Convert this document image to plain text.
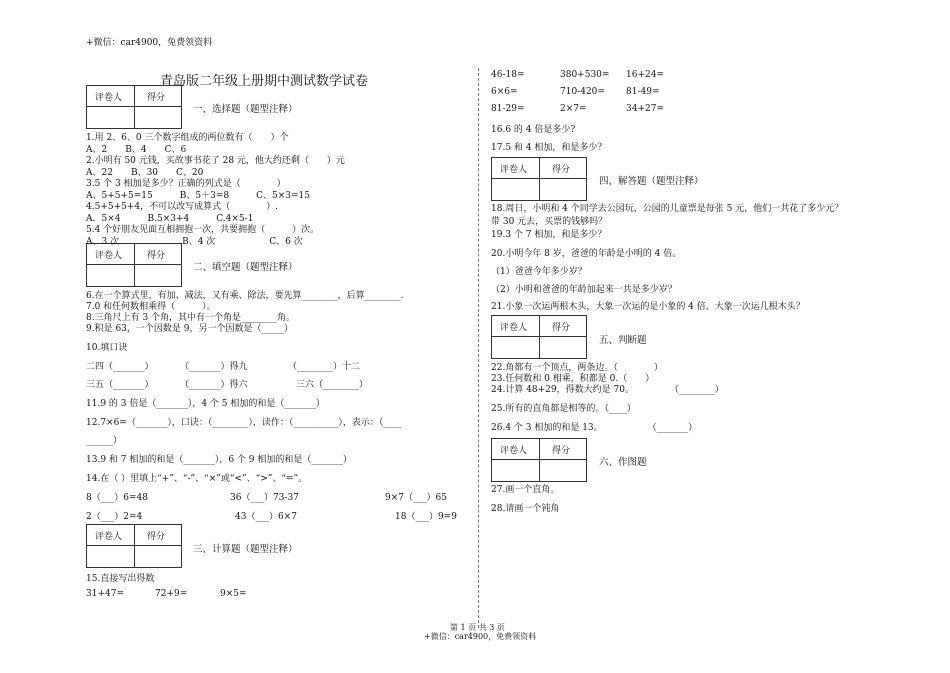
+微信：car4900，免费领资料
青岛版二年级上册期中测试数学试卷
评卷人	得分
评卷人	得分
评卷人	得分
评卷人	得分
评卷人	得分
评卷人	得分
一、选择题（题型注释）
二、填空题（题型注释）
三、计算题（题型注释）
四、解答题（题型注释）
五、判断题
六、作图题
1.用 2、6、0 三个数字组成的两位数有（　　）个
A、2　　B、4　　C、6
2.小明有 50 元钱，买故事书花了 28 元，他大约还剩（　　）元
A、22　　B、30　　C、20
3.5 个 3 相加是多少？正确的列式是（　　　　）
A、5+5+5=15　　　B、5＋3=8　　　C、5×3=15
4.5+5+5+4，不可以改写成算式（　　　　）.
A．5×4　　　B.5×3+4　　　C.4×5-1
5.4 个好朋友见面互相拥抱一次，共要拥抱（　　　）次。
A、3 次　　　　　　　B、4 次　　　　　　C、6 次
6.在一个算式里，有加、减法，又有乘、除法，要先算________，后算________.
7.0 和任何数相乘得（　　　）。
8.三角尺上有 3 个角，其中有一个角是________角。
9.积是 63，一个因数是 9，另一个因数是（_____）
10.填口诀
二四（_______）	（_______）得九	（________）十二
三五（_______）	（_______）得六	三六（________）
11.9 的 3 倍是（_______），4 个 5 相加的和是（_______）
12.7×6=（_______），口诀：（________），读作：（__________），表示：（____
______）
13.9 和 7 相加的和是（_______），6 个 9 相加的和是（_______）
14.在（ ）里填上“+”、“-”、“×”或“<”、“>”、“=”。
8（___）6=48	36（___）73-37	9×7（___）65
2（___）2=4	43（___）6×7	18（___）9=9
15.直接写出得数
31+47=	72+9=	9×5=
46-18=	380+530= 16+24=
6×6=	710-420= 81-49=
81-29=	2×7=	34+27=
16.6 的 4 倍是多少?
17.5 和 4 相加，和是多少？
18.周日，小明和 4 个同学去公园玩，公园的儿童票是每张 5 元，他们一共花了多少元？
带 30 元去，买票的钱够吗？
19.3 个 7 相加，和是多少？
20.小明今年 8 岁，爸爸的年龄是小明的 4 倍。
（1）爸爸今年多少岁？
（2）小明和爸爸的年龄加起来一共是多少岁？
21.小象一次运两根木头，大象一次运的是小象的 4 倍。大象一次运几根木头？
22.角都有一个顶点，两条边。（　　　　）
23.任何数和 0 相乘，积都是 0.（　　）
24.计算 48+29，得数大约是 70。　　　　　（________）
25.所有的直角都是相等的。（____）
26.4 个 3 相加的和是 13。　　　　　　（_______）
27.画一个直角。
28.请画一个钝角
第 1 页 共 3 页
+微信：car4900，免费领资料
